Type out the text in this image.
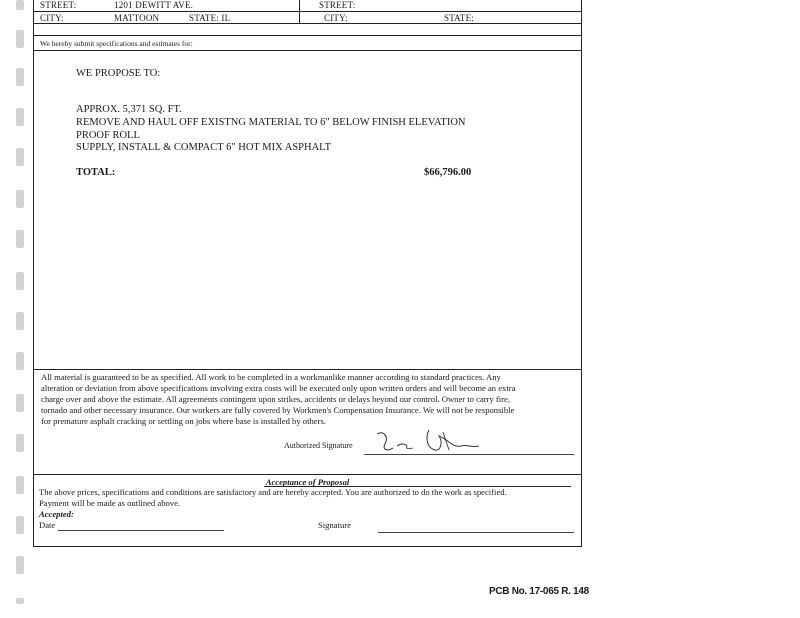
STREET:	1201 DEWITT AVE.	STREET:
CITY:	MATTOON	STATE: IL	CITY:	STATE:
We hereby submit specifications and estimates for:
WE PROPOSE TO:
APPROX. 5,371 SQ. FT.
REMOVE AND HAUL OFF EXISTNG MATERIAL TO 6" BELOW FINISH ELEVATION
PROOF ROLL
SUPPLY, INSTALL & COMPACT 6" HOT MIX ASPHALT
TOTAL:	$66,796.00
All material is guaranteed to be as specified. All work to be completed in a workmanlike manner according to standard practices. Any
alteration or deviation from above specifications involving extra costs will be executed only upon written orders and will become an extra
charge over and above the estimate. All agreements contingent upon strikes, accidents or delays beyond our control. Owner to carry fire,
tornado and other necessary insurance. Our workers are fully covered by Workmen's Compensation Insurance. We will not be responsible
for premature asphalt cracking or settling on jobs where base is installed by others.
Authorized Signature
Acceptance of Proposal
The above prices, specifications and conditions are satisfactory and are hereby accepted. You are authorized to do the work as specified.
Payment will be made as outlined above.
Accepted:
Date	Signature
PCB No. 17-065 R. 148
